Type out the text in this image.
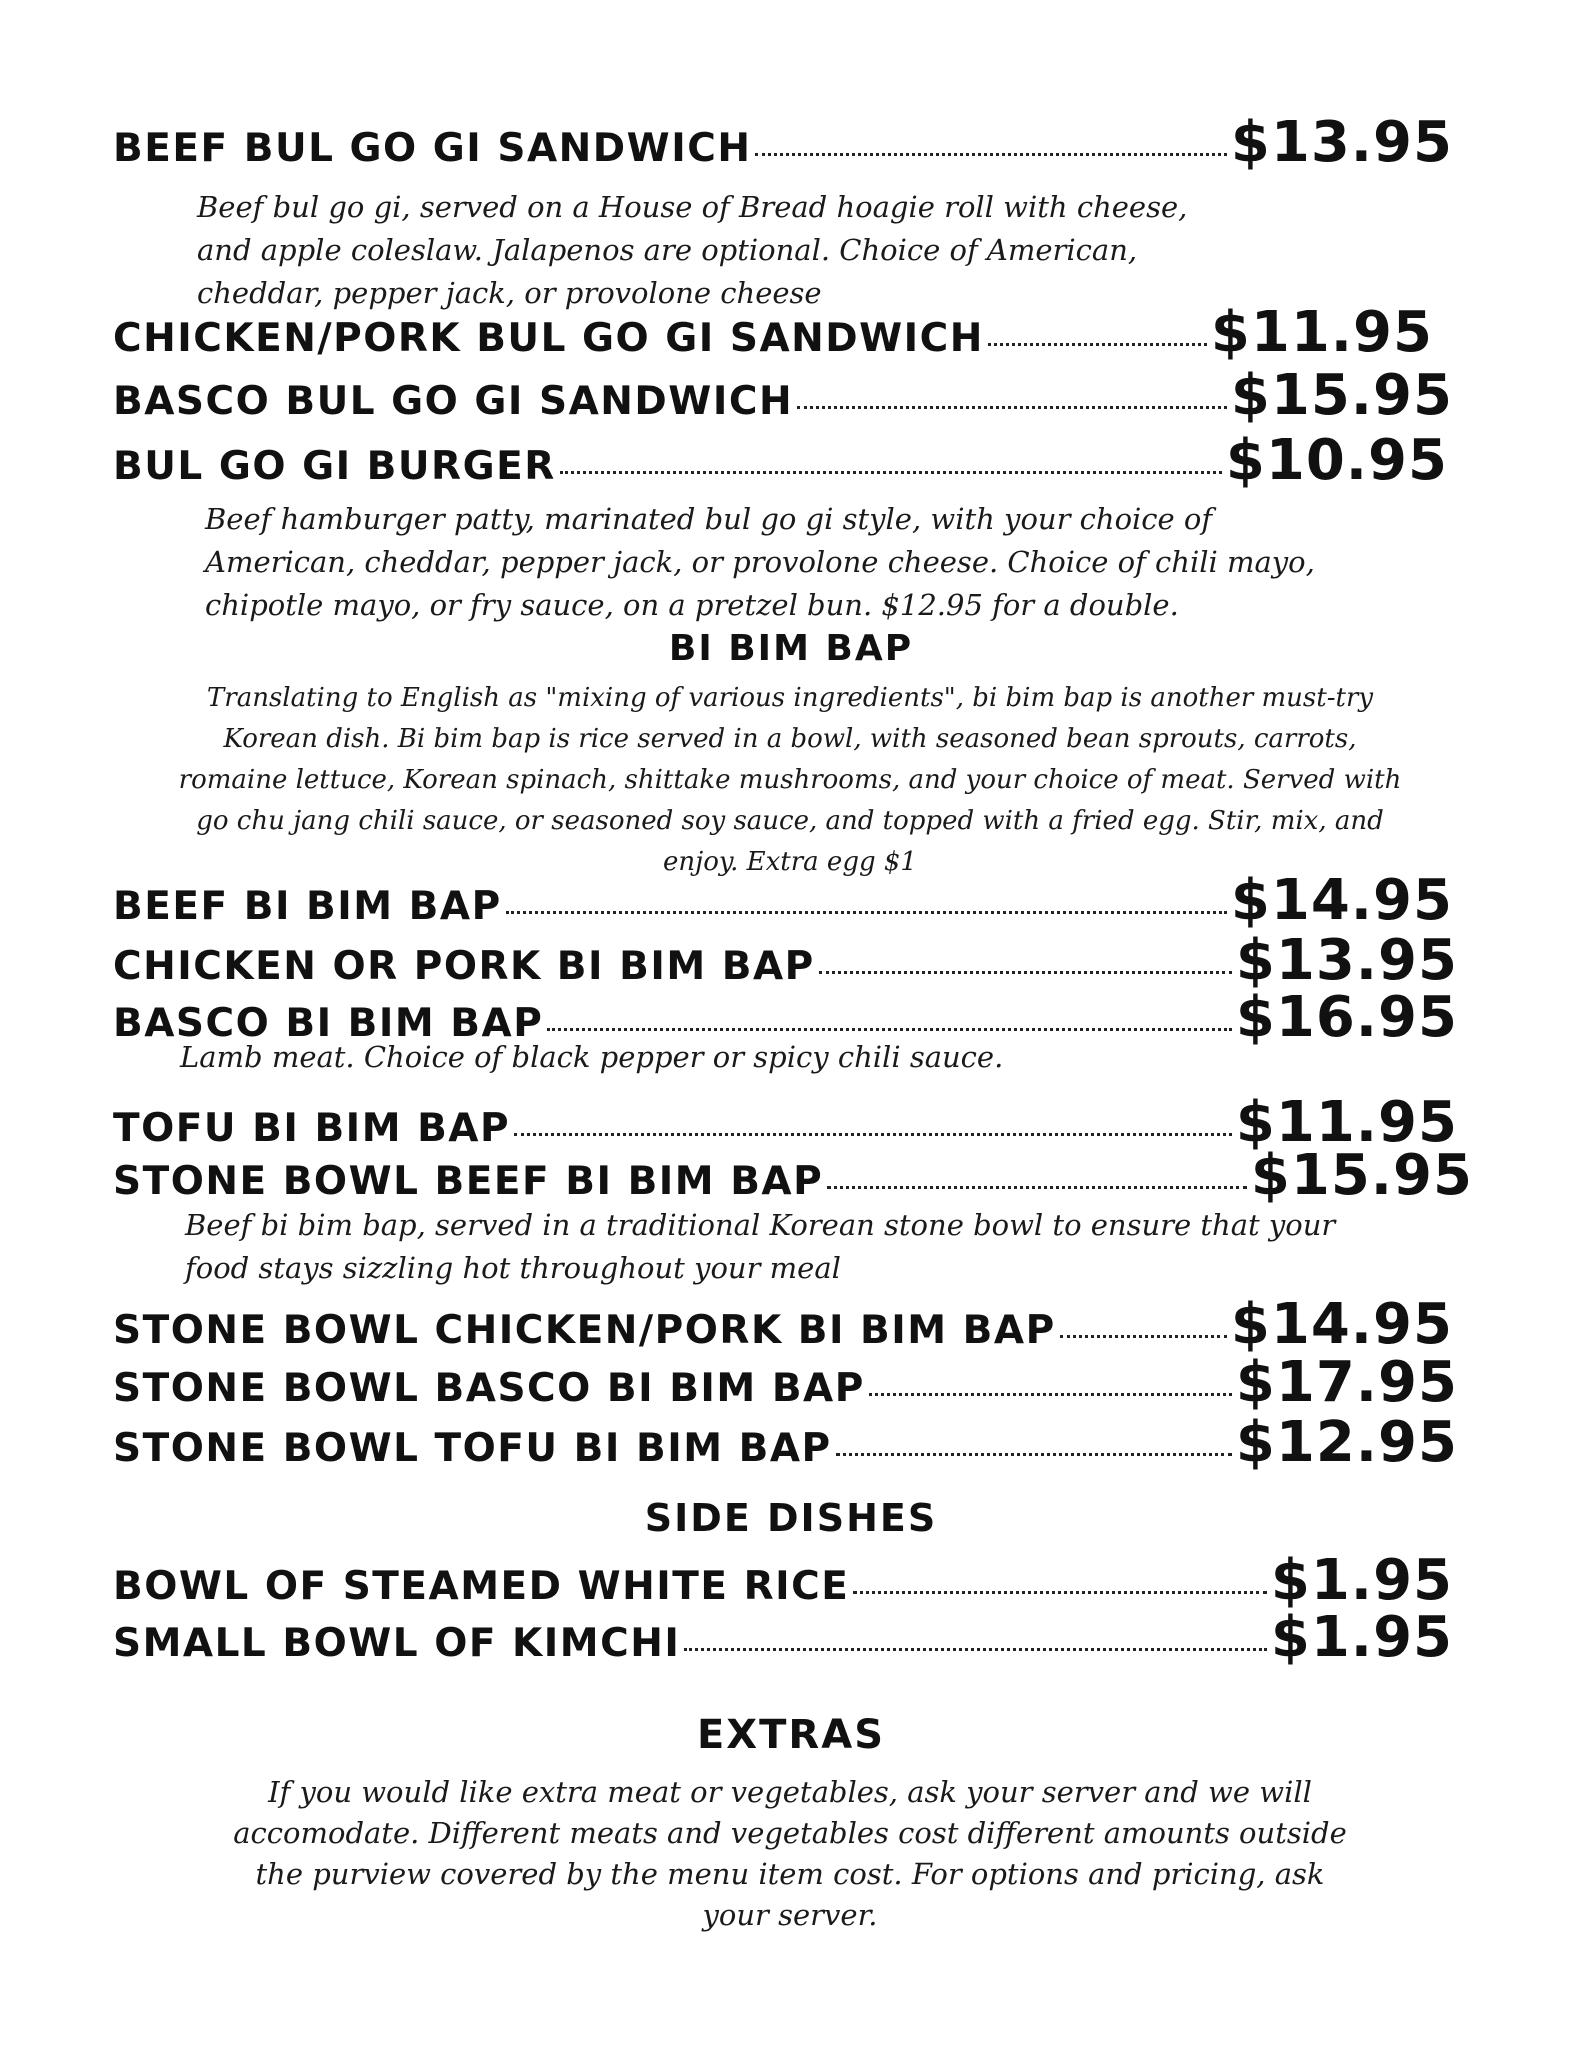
BEEF BUL GO GI SANDWICH	$13.95

Beef bul go gi, served on a House of Bread hoagie roll with cheese, and apple coleslaw. Jalapenos are optional. Choice of American, cheddar, pepper jack, or provolone cheese

CHICKEN/PORK BUL GO GI SANDWICH	$11.95
BASCO BUL GO GI SANDWICH	$15.95
BUL GO GI BURGER	$10.95

Beef hamburger patty, marinated bul go gi style, with your choice of American, cheddar, pepper jack, or provolone cheese. Choice of chili mayo, chipotle mayo, or fry sauce, on a pretzel bun. $12.95 for a double.

BI BIM BAP

Translating to English as "mixing of various ingredients", bi bim bap is another must-try Korean dish. Bi bim bap is rice served in a bowl, with seasoned bean sprouts, carrots, romaine lettuce, Korean spinach, shittake mushrooms, and your choice of meat. Served with go chu jang chili sauce, or seasoned soy sauce, and topped with a fried egg. Stir, mix, and enjoy. Extra egg $1

BEEF BI BIM BAP	$14.95
CHICKEN OR PORK BI BIM BAP	$13.95
BASCO BI BIM BAP	$16.95

Lamb meat. Choice of black pepper or spicy chili sauce.

TOFU BI BIM BAP	$11.95
STONE BOWL BEEF BI BIM BAP	$15.95

Beef bi bim bap, served in a traditional Korean stone bowl to ensure that your food stays sizzling hot throughout your meal

STONE BOWL CHICKEN/PORK BI BIM BAP	$14.95
STONE BOWL BASCO BI BIM BAP	$17.95
STONE BOWL TOFU BI BIM BAP	$12.95
SIDE DISHES
BOWL OF STEAMED WHITE RICE	$1.95
SMALL BOWL OF KIMCHI	$1.95
EXTRAS

If you would like extra meat or vegetables, ask your server and we will accomodate. Different meats and vegetables cost different amounts outside the purview covered by the menu item cost. For options and pricing, ask your server.
